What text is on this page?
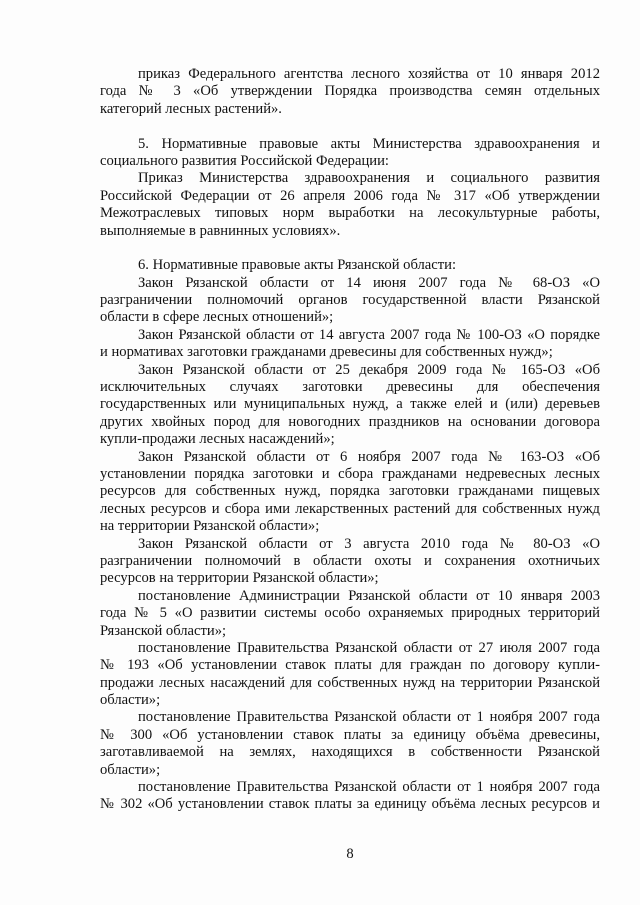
приказ Федерального агентства лесного хозяйства от 10 января 2012
года № 3 «Об утверждении Порядка производства семян отдельных
категорий лесных растений».
5. Нормативные правовые акты Министерства здравоохранения и
социального развития Российской Федерации:
Приказ Министерства здравоохранения и социального развития
Российской Федерации от 26 апреля 2006 года № 317 «Об утверждении
Межотраслевых типовых норм выработки на лесокультурные работы,
выполняемые в равнинных условиях».
6. Нормативные правовые акты Рязанской области:
Закон Рязанской области от 14 июня 2007 года № 68-ОЗ «О
разграничении полномочий органов государственной власти Рязанской
области в сфере лесных отношений»;
Закон Рязанской области от 14 августа 2007 года № 100-ОЗ «О порядке
и нормативах заготовки гражданами древесины для собственных нужд»;
Закон Рязанской области от 25 декабря 2009 года № 165-ОЗ «Об
исключительных случаях заготовки древесины для обеспечения
государственных или муниципальных нужд, а также елей и (или) деревьев
других хвойных пород для новогодних праздников на основании договора
купли-продажи лесных насаждений»;
Закон Рязанской области от 6 ноября 2007 года № 163-ОЗ «Об
установлении порядка заготовки и сбора гражданами недревесных лесных
ресурсов для собственных нужд, порядка заготовки гражданами пищевых
лесных ресурсов и сбора ими лекарственных растений для собственных нужд
на территории Рязанской области»;
Закон Рязанской области от 3 августа 2010 года № 80-ОЗ «О
разграничении полномочий в области охоты и сохранения охотничьих
ресурсов на территории Рязанской области»;
постановление Администрации Рязанской области от 10 января 2003
года № 5 «О развитии системы особо охраняемых природных территорий
Рязанской области»;
постановление Правительства Рязанской области от 27 июля 2007 года
№ 193 «Об установлении ставок платы для граждан по договору купли-
продажи лесных насаждений для собственных нужд на территории Рязанской
области»;
постановление Правительства Рязанской области от 1 ноября 2007 года
№ 300 «Об установлении ставок платы за единицу объёма древесины,
заготавливаемой на землях, находящихся в собственности Рязанской
области»;
постановление Правительства Рязанской области от 1 ноября 2007 года
№ 302 «Об установлении ставок платы за единицу объёма лесных ресурсов и
8
